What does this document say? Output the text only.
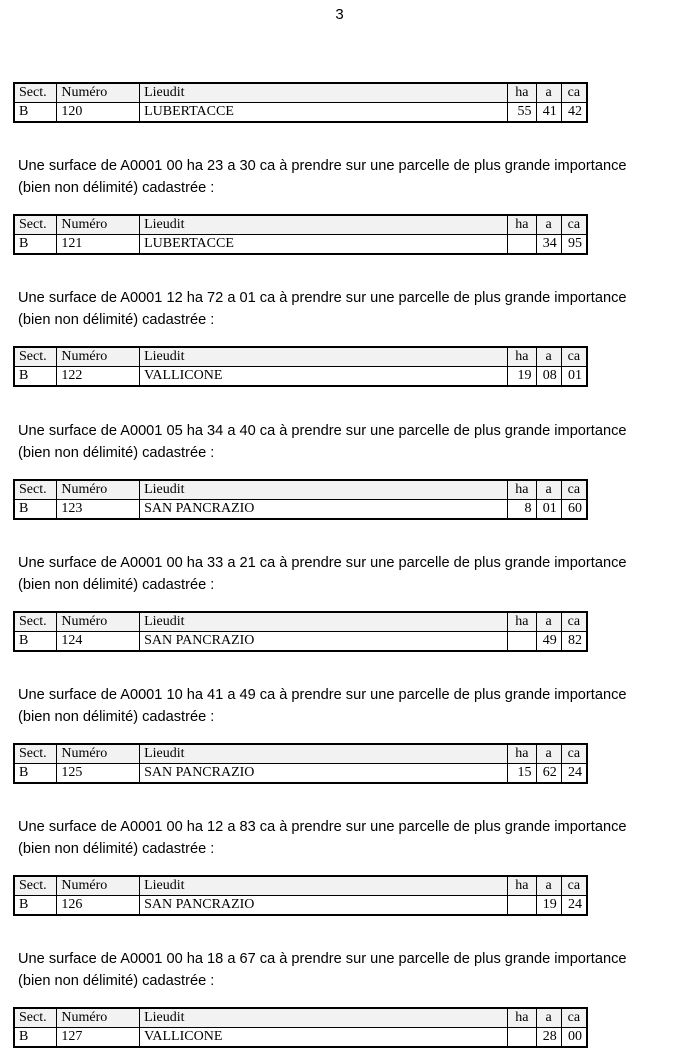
3
Sect.	Numéro	Lieudit	ha	a	ca
B	120	LUBERTACCE	55	41	42
Une surface de A0001 00 ha 23 a 30 ca à prendre sur une parcelle de plus grande importance
(bien non délimité) cadastrée :
Sect.	Numéro	Lieudit	ha	a	ca
B	121	LUBERTACCE		34	95
Une surface de A0001 12 ha 72 a 01 ca à prendre sur une parcelle de plus grande importance
(bien non délimité) cadastrée :
Sect.	Numéro	Lieudit	ha	a	ca
B	122	VALLICONE	19	08	01
Une surface de A0001 05 ha 34 a 40 ca à prendre sur une parcelle de plus grande importance
(bien non délimité) cadastrée :
Sect.	Numéro	Lieudit	ha	a	ca
B	123	SAN PANCRAZIO	8	01	60
Une surface de A0001 00 ha 33 a 21 ca à prendre sur une parcelle de plus grande importance
(bien non délimité) cadastrée :
Sect.	Numéro	Lieudit	ha	a	ca
B	124	SAN PANCRAZIO		49	82
Une surface de A0001 10 ha 41 a 49 ca à prendre sur une parcelle de plus grande importance
(bien non délimité) cadastrée :
Sect.	Numéro	Lieudit	ha	a	ca
B	125	SAN PANCRAZIO	15	62	24
Une surface de A0001 00 ha 12 a 83 ca à prendre sur une parcelle de plus grande importance
(bien non délimité) cadastrée :
Sect.	Numéro	Lieudit	ha	a	ca
B	126	SAN PANCRAZIO		19	24
Une surface de A0001 00 ha 18 a 67 ca à prendre sur une parcelle de plus grande importance
(bien non délimité) cadastrée :
Sect.	Numéro	Lieudit	ha	a	ca
B	127	VALLICONE		28	00
